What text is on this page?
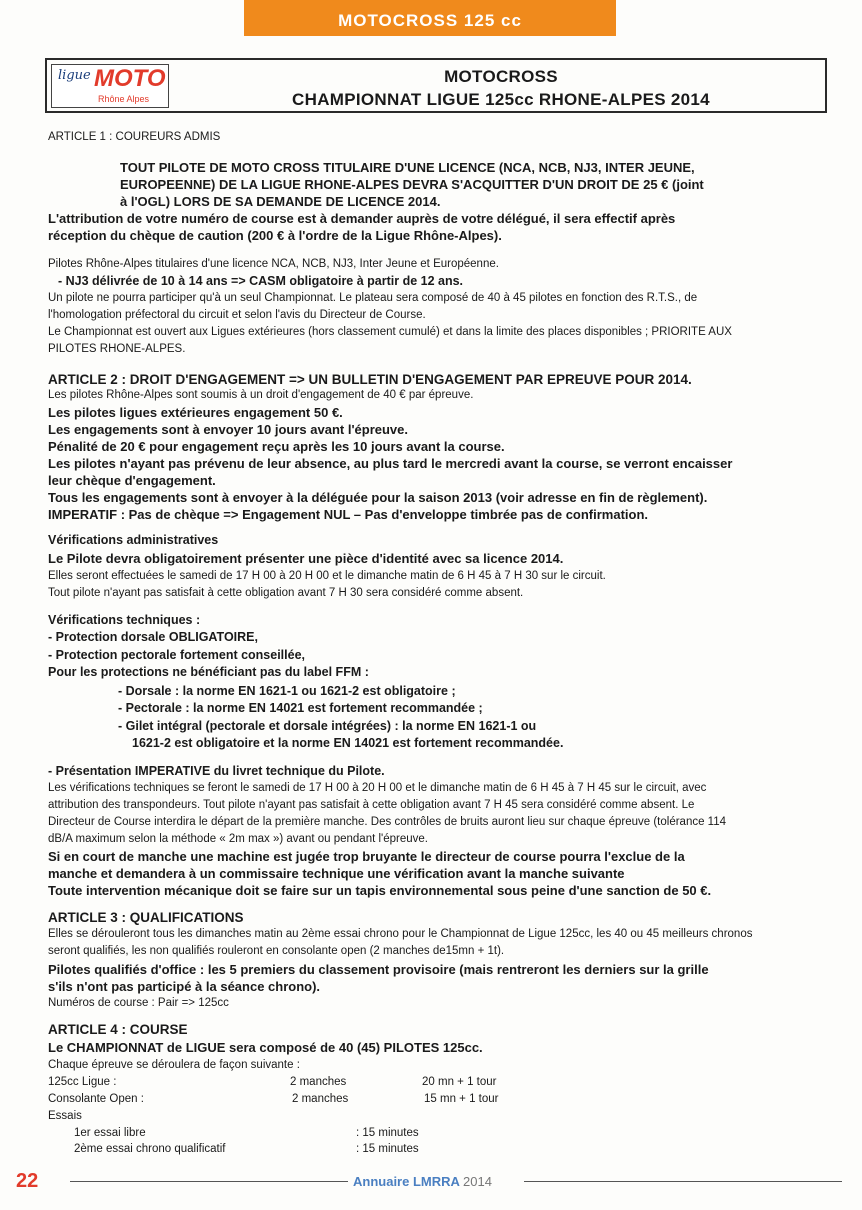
MOTOCROSS 125 cc
ligue MOTO
Rhône Alpes
MOTOCROSS
CHAMPIONNAT LIGUE 125cc RHONE-ALPES 2014
ARTICLE 1 : COUREURS ADMIS
TOUT PILOTE DE MOTO CROSS TITULAIRE D'UNE LICENCE (NCA, NCB, NJ3, INTER JEUNE,
EUROPEENNE) DE LA LIGUE RHONE-ALPES DEVRA S'ACQUITTER D'UN DROIT DE 25 € (joint
à l'OGL) LORS DE SA DEMANDE DE LICENCE 2014.
L'attribution de votre numéro de course est à demander auprès de votre délégué, il sera effectif après
réception du chèque de caution (200 € à l'ordre de la Ligue Rhône-Alpes).
Pilotes Rhône-Alpes titulaires d'une licence NCA, NCB, NJ3, Inter Jeune et Européenne.
- NJ3 délivrée de 10 à 14 ans => CASM obligatoire à partir de 12 ans.
Un pilote ne pourra participer qu'à un seul Championnat. Le plateau sera composé de 40 à 45 pilotes en fonction des R.T.S., de
l'homologation préfectoral du circuit et selon l'avis du Directeur de Course.
Le Championnat est ouvert aux Ligues extérieures (hors classement cumulé) et dans la limite des places disponibles ; PRIORITE AUX
PILOTES RHONE-ALPES.
ARTICLE 2 : DROIT D'ENGAGEMENT => UN BULLETIN D'ENGAGEMENT PAR EPREUVE POUR 2014.
Les pilotes Rhône-Alpes sont soumis à un droit d'engagement de 40 € par épreuve.
Les pilotes ligues extérieures engagement 50 €.
Les engagements sont à envoyer 10 jours avant l'épreuve.
Pénalité de 20 € pour engagement reçu après les 10 jours avant la course.
Les pilotes n'ayant pas prévenu de leur absence, au plus tard le mercredi avant la course, se verront encaisser
leur chèque d'engagement.
Tous les engagements sont à envoyer à la déléguée pour la saison 2013 (voir adresse en fin de règlement).
IMPERATIF : Pas de chèque => Engagement NUL – Pas d'enveloppe timbrée pas de confirmation.
Vérifications administratives
Le Pilote devra obligatoirement présenter une pièce d'identité avec sa licence 2014.
Elles seront effectuées le samedi de 17 H 00 à 20 H 00 et le dimanche matin de 6 H 45 à 7 H 30 sur le circuit.
Tout pilote n'ayant pas satisfait à cette obligation avant 7 H 30 sera considéré comme absent.
Vérifications techniques :
- Protection dorsale OBLIGATOIRE,
- Protection pectorale fortement conseillée,
Pour les protections ne bénéficiant pas du label FFM :
- Dorsale : la norme EN 1621-1 ou 1621-2 est obligatoire ;
- Pectorale : la norme EN 14021 est fortement recommandée ;
- Gilet intégral (pectorale et dorsale intégrées) : la norme EN 1621-1 ou
1621-2 est obligatoire et la norme EN 14021 est fortement recommandée.
- Présentation IMPERATIVE du livret technique du Pilote.
Les vérifications techniques se feront le samedi de 17 H 00 à 20 H 00 et le dimanche matin de 6 H 45 à 7 H 45 sur le circuit, avec
attribution des transpondeurs. Tout pilote n'ayant pas satisfait à cette obligation avant 7 H 45 sera considéré comme absent. Le
Directeur de Course interdira le départ de la première manche. Des contrôles de bruits auront lieu sur chaque épreuve (tolérance 114
dB/A maximum selon la méthode « 2m max ») avant ou pendant l'épreuve.
Si en court de manche une machine est jugée trop bruyante le directeur de course pourra l'exclue de la
manche et demandera à un commissaire technique une vérification avant la manche suivante
Toute intervention mécanique doit se faire sur un tapis environnemental sous peine d'une sanction de 50 €.
ARTICLE 3 : QUALIFICATIONS
Elles se dérouleront tous les dimanches matin au 2ème essai chrono pour le Championnat de Ligue 125cc, les 40 ou 45 meilleurs chronos
seront qualifiés, les non qualifiés rouleront en consolante open (2 manches de15mn + 1t).
Pilotes qualifiés d'office : les 5 premiers du classement provisoire (mais rentreront les derniers sur la grille
s'ils n'ont pas participé à la séance chrono).
Numéros de course : Pair => 125cc
ARTICLE 4 : COURSE
Le CHAMPIONNAT de LIGUE sera composé de 40 (45) PILOTES 125cc.
Chaque épreuve se déroulera de façon suivante :
125cc Ligue :	2 manches	20 mn + 1 tour
Consolante Open :	2 manches	15 mn + 1 tour
Essais
1er essai libre	: 15 minutes
2ème essai chrono qualificatif	: 15 minutes
22	Annuaire LMRRA 2014
